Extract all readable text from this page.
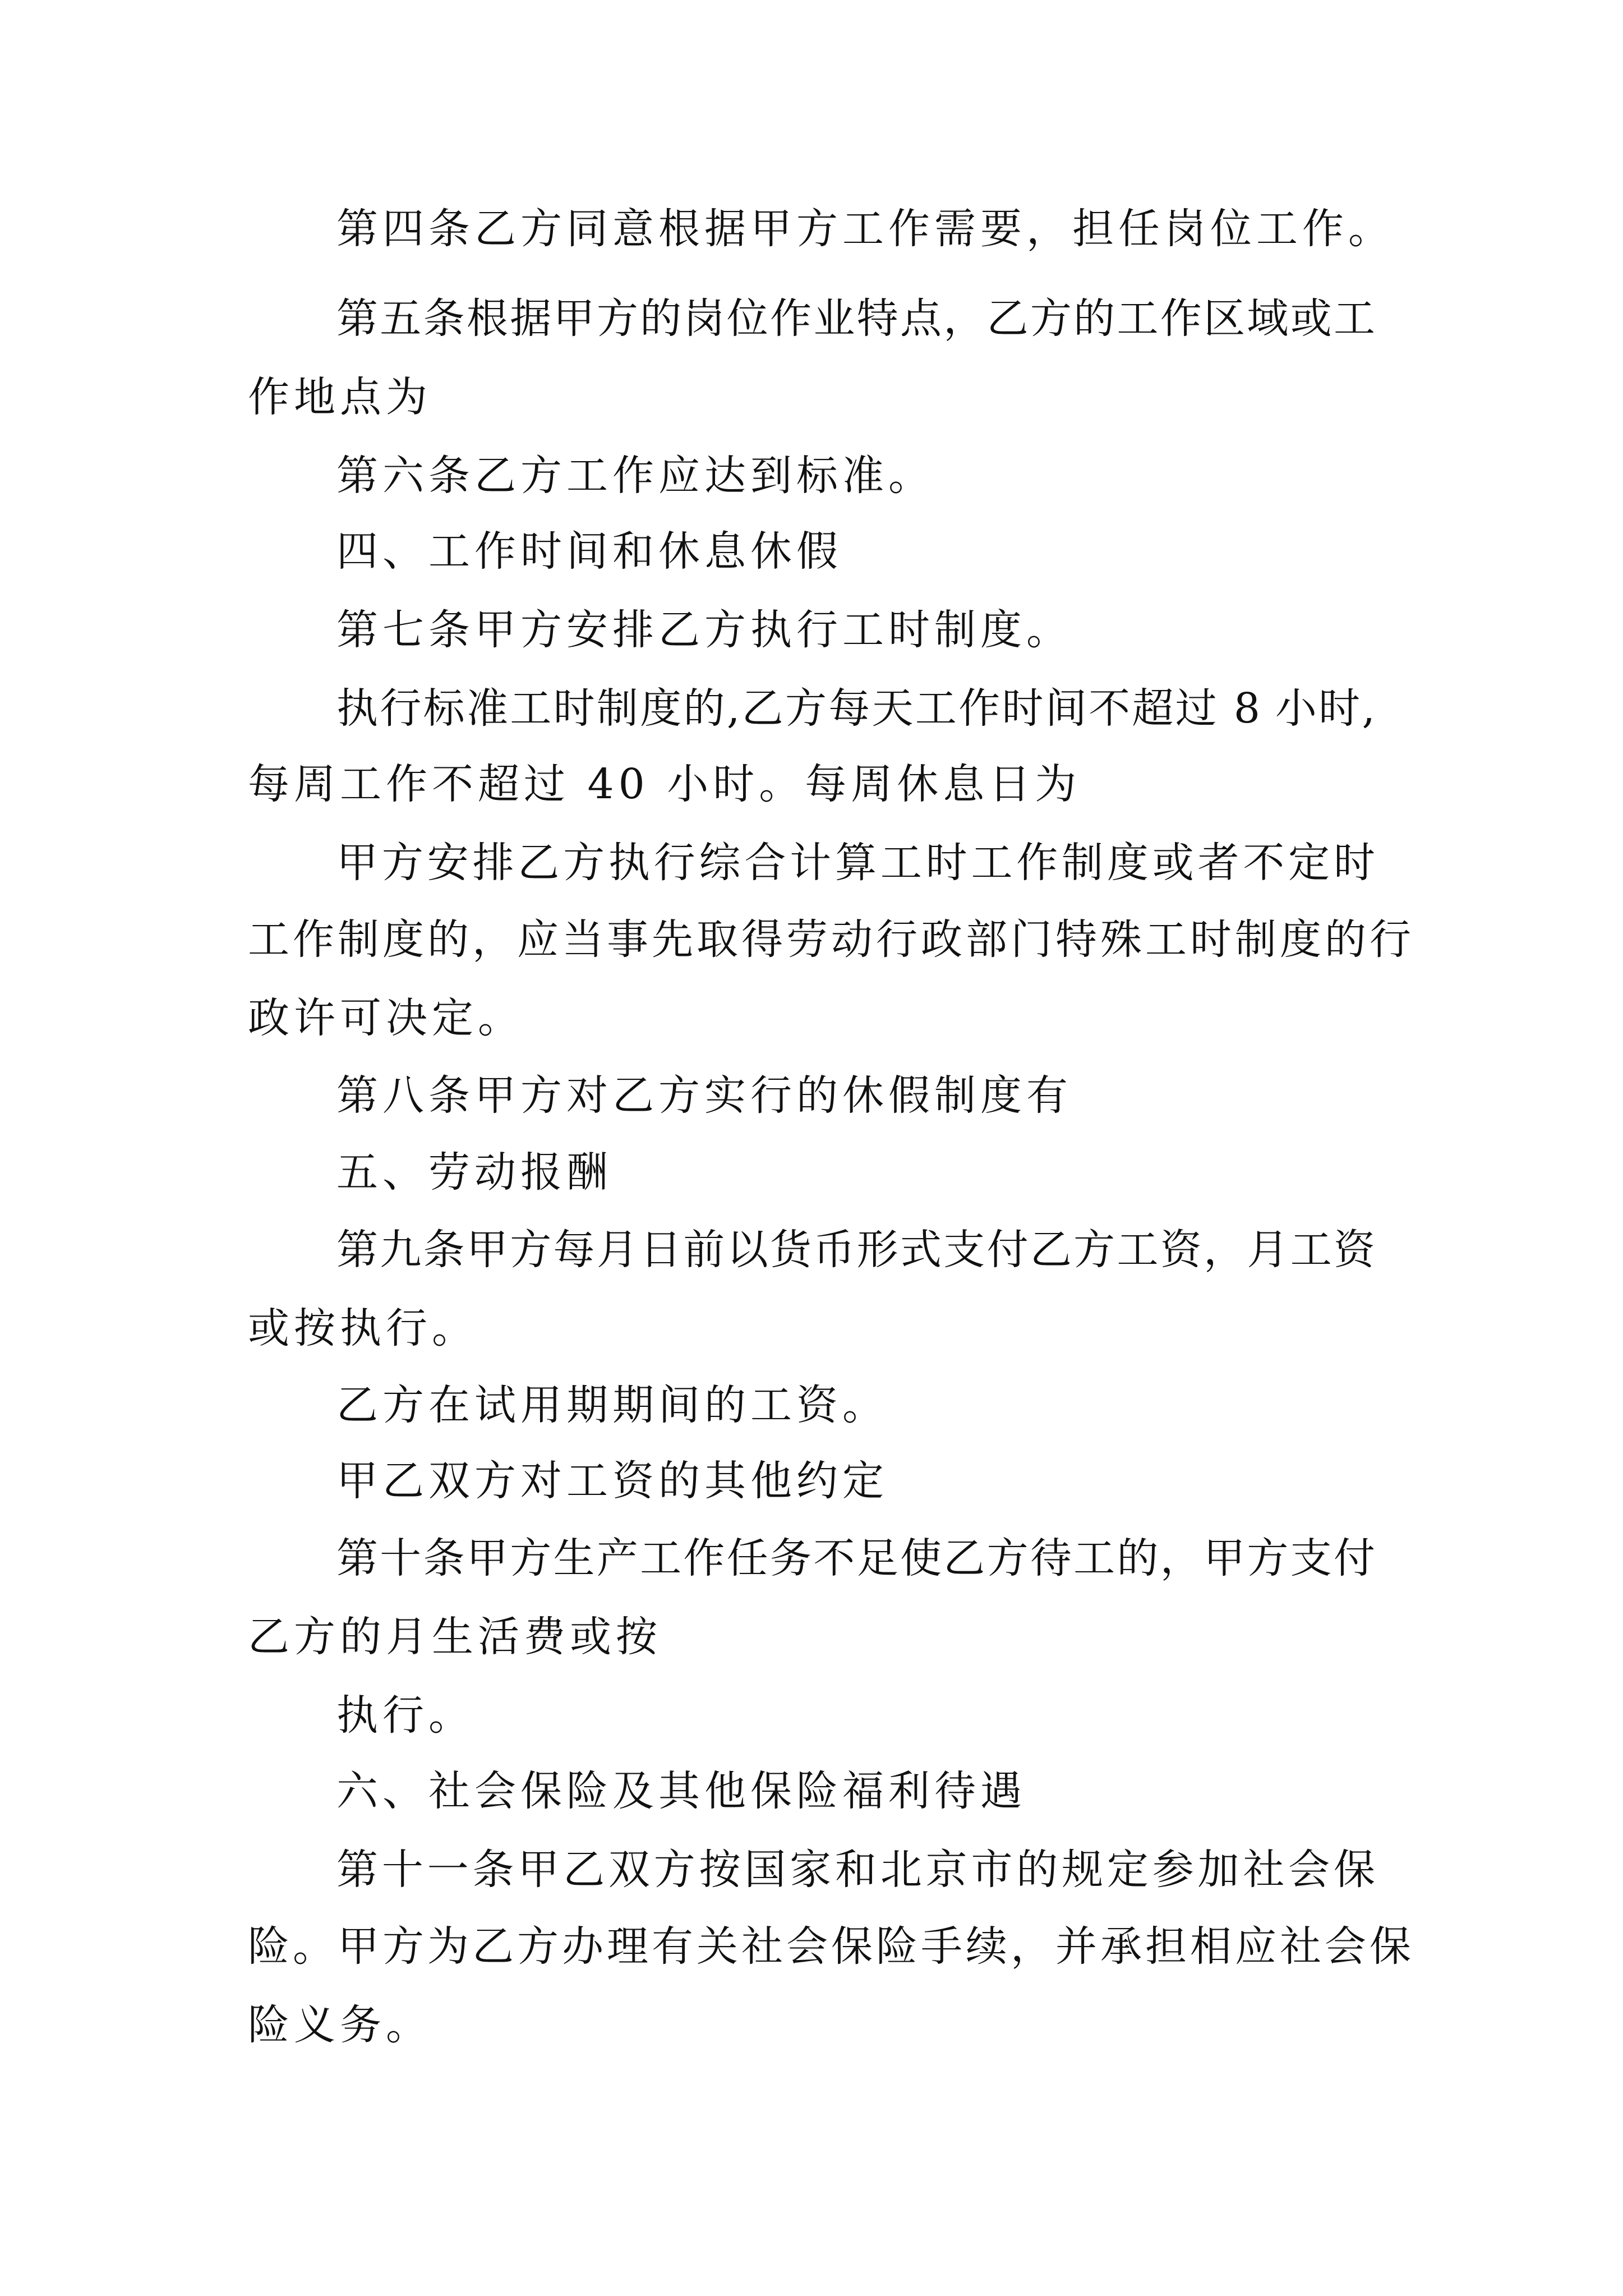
第四条乙方同意根据甲方工作需要，担任岗位工作。
第五条根据甲方的岗位作业特点，乙方的工作区域或工
作地点为
第六条乙方工作应达到标准。
四、工作时间和休息休假
第七条甲方安排乙方执行工时制度。
执行标准工时制度的,乙方每天工作时间不超过 8 小时,
每周工作不超过 40 小时。每周休息日为
甲方安排乙方执行综合计算工时工作制度或者不定时
工作制度的，应当事先取得劳动行政部门特殊工时制度的行
政许可决定。
第八条甲方对乙方实行的休假制度有
五、劳动报酬
第九条甲方每月日前以货币形式支付乙方工资，月工资
或按执行。
乙方在试用期期间的工资。
甲乙双方对工资的其他约定
第十条甲方生产工作任务不足使乙方待工的，甲方支付
乙方的月生活费或按
执行。
六、社会保险及其他保险福利待遇
第十一条甲乙双方按国家和北京市的规定参加社会保
险。甲方为乙方办理有关社会保险手续，并承担相应社会保
险义务。
